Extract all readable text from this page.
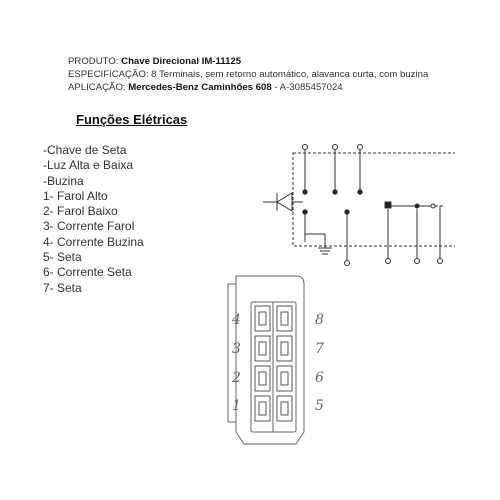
PRODUTO: Chave Direcional IM-11125
ESPECIFICAÇÃO: 8 Terminais, sem retorno automático, alavanca curta, com buzina
APLICAÇÃO: Mercedes-Benz Caminhões 608 - A-3085457024
Funções Elétricas
-Chave de Seta
-Luz Alta e Baixa
-Buzina
1- Farol Alto
2- Farol Baixo
3- Corrente Farol
4- Corrente Buzina
5- Seta
6- Corrente Seta
7- Seta
4
3
2
1
8
7
6
5
